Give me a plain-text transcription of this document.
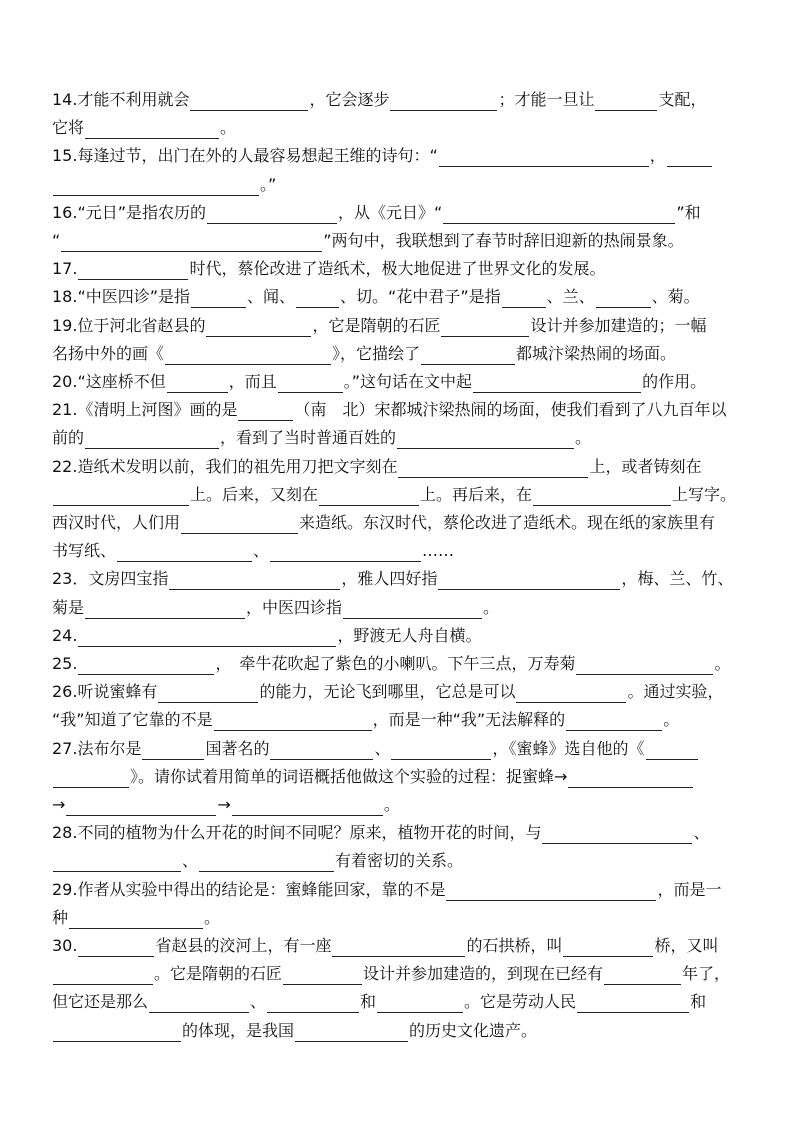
14.才能不利用就会	，它会逐步	；才能一旦让	支配，
它将	。
15.每逢过节，出门在外的人最容易想起王维的诗句：“	，
。”
16.“元日”是指农历的	，从《元日》“	”和
“	”两句中，我联想到了春节时辞旧迎新的热闹景象。
17.	时代，蔡伦改进了造纸术，极大地促进了世界文化的发展。
18.“中医四诊”是指	、闻、	、切。“花中君子”是指	、兰、	、菊。
19.位于河北省赵县的	，它是隋朝的石匠	设计并参加建造的；一幅
名扬中外的画《	》，它描绘了	都城汴梁热闹的场面。
20.“这座桥不但	，而且	。”这句话在文中起	的作用。
21.《清明上河图》画的是	（南　北）宋都城汴梁热闹的场面，使我们看到了八九百年以
前的	，看到了当时普通百姓的	。
22.造纸术发明以前，我们的祖先用刀把文字刻在	上，或者铸刻在
上。后来，又刻在	上。再后来，在	上写字。
西汉时代，人们用	来造纸。东汉时代，蔡伦改进了造纸术。现在纸的家族里有
书写纸、	、	……
23．文房四宝指	，雅人四好指	，梅、兰、竹、
菊是	，中医四诊指	。
24.	，野渡无人舟自横。
25.	，　牵牛花吹起了紫色的小喇叭。下午三点，万寿菊	。
26.听说蜜蜂有	的能力，无论飞到哪里，它总是可以	。通过实验，
“我”知道了它靠的不是	，而是一种“我”无法解释的	。
27.法布尔是	国著名的	、	，《蜜蜂》选自他的《
》。请你试着用简单的词语概括他做这个实验的过程：捉蜜蜂→
→	→	。
28.不同的植物为什么开花的时间不同呢？原来，植物开花的时间，与	、
、	有着密切的关系。
29.作者从实验中得出的结论是：蜜蜂能回家，靠的不是	，而是一
种	。
30.	省赵县的洨河上，有一座	的石拱桥，叫	桥，又叫
。它是隋朝的石匠	设计并参加建造的，到现在已经有	年了，
但它还是那么	、	和	。它是劳动人民	和
的体现，是我国	的历史文化遗产。
